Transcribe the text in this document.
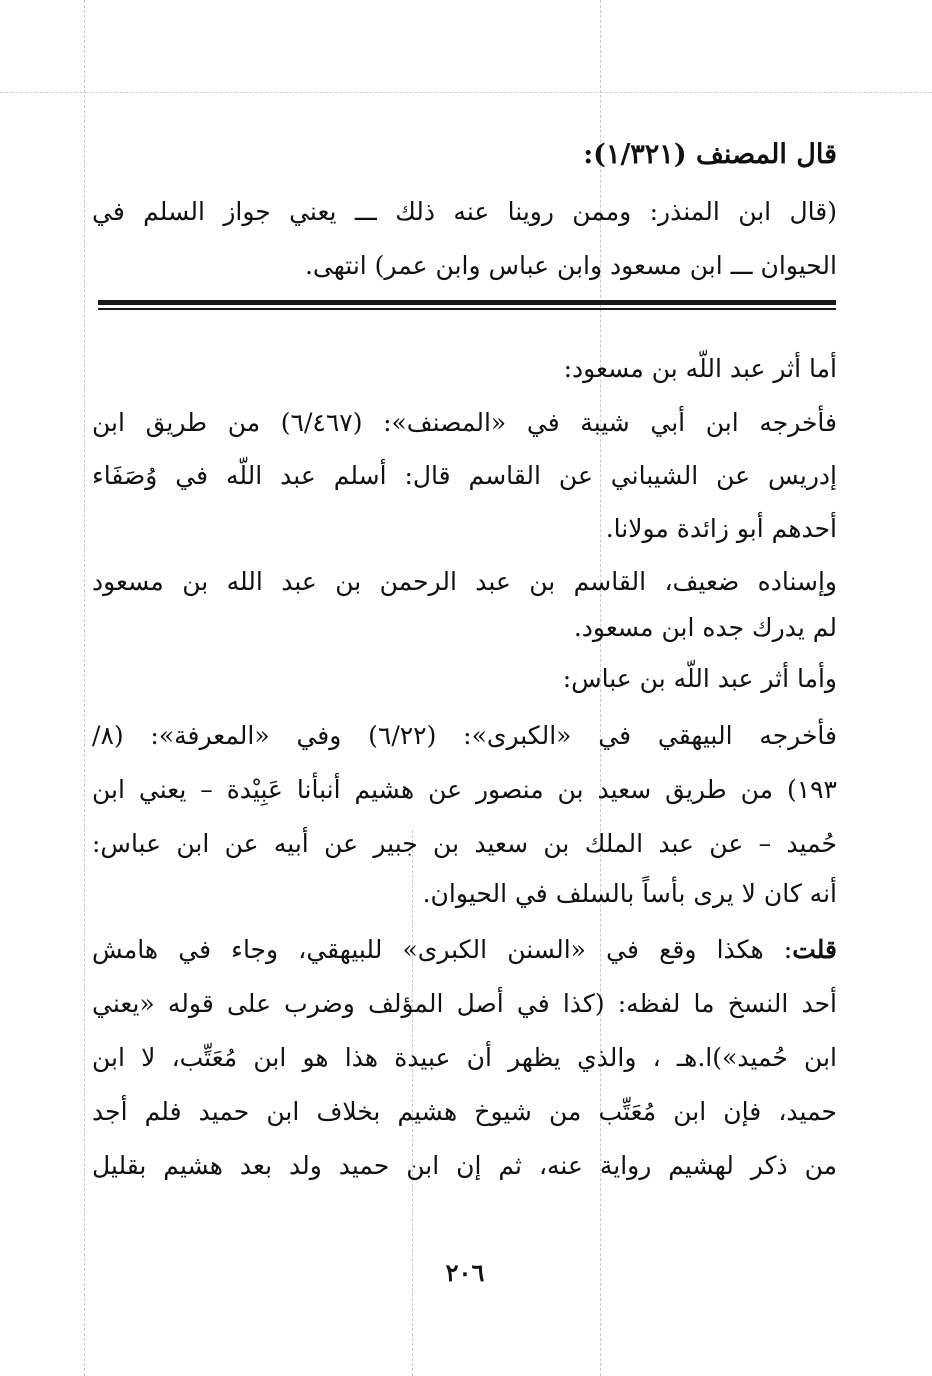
قال المصنف (١/٣٢١):
(قال ابن المنذر: وممن روينا عنه ذلك ـــ يعني جواز السلم في
الحيوان ـــ ابن مسعود وابن عباس وابن عمر) انتهى.
أما أثر عبد اللّه بن مسعود:
فأخرجه ابن أبي شيبة في «المصنف»: (٦/٤٦٧) من طريق ابن
إدريس عن الشيباني عن القاسم قال: أسلم عبد اللّه في وُصَفَاء
أحدهم أبو زائدة مولانا.
وإسناده ضعيف، القاسم بن عبد الرحمن بن عبد الله بن مسعود
لم يدرك جده ابن مسعود.
وأما أثر عبد اللّه بن عباس:
فأخرجه البيهقي في «الكبرى»: (٦/٢٢) وفي «المعرفة»: (٨/
١٩٣) من طريق سعيد بن منصور عن هشيم أنبأنا عَبِيْدة – يعني ابن
حُميد – عن عبد الملك بن سعيد بن جبير عن أبيه عن ابن عباس:
أنه كان لا يرى بأساً بالسلف في الحيوان.
قلت: هكذا وقع في «السنن الكبرى» للبيهقي، وجاء في هامش
أحد النسخ ما لفظه: (كذا في أصل المؤلف وضرب على قوله «يعني
ابن حُميد»)ا.هـ ، والذي يظهر أن عبيدة هذا هو ابن مُعَتِّب، لا ابن
حميد، فإن ابن مُعَتِّب من شيوخ هشيم بخلاف ابن حميد فلم أجد
من ذكر لهشيم رواية عنه، ثم إن ابن حميد ولد بعد هشيم بقليل
٢٠٦
